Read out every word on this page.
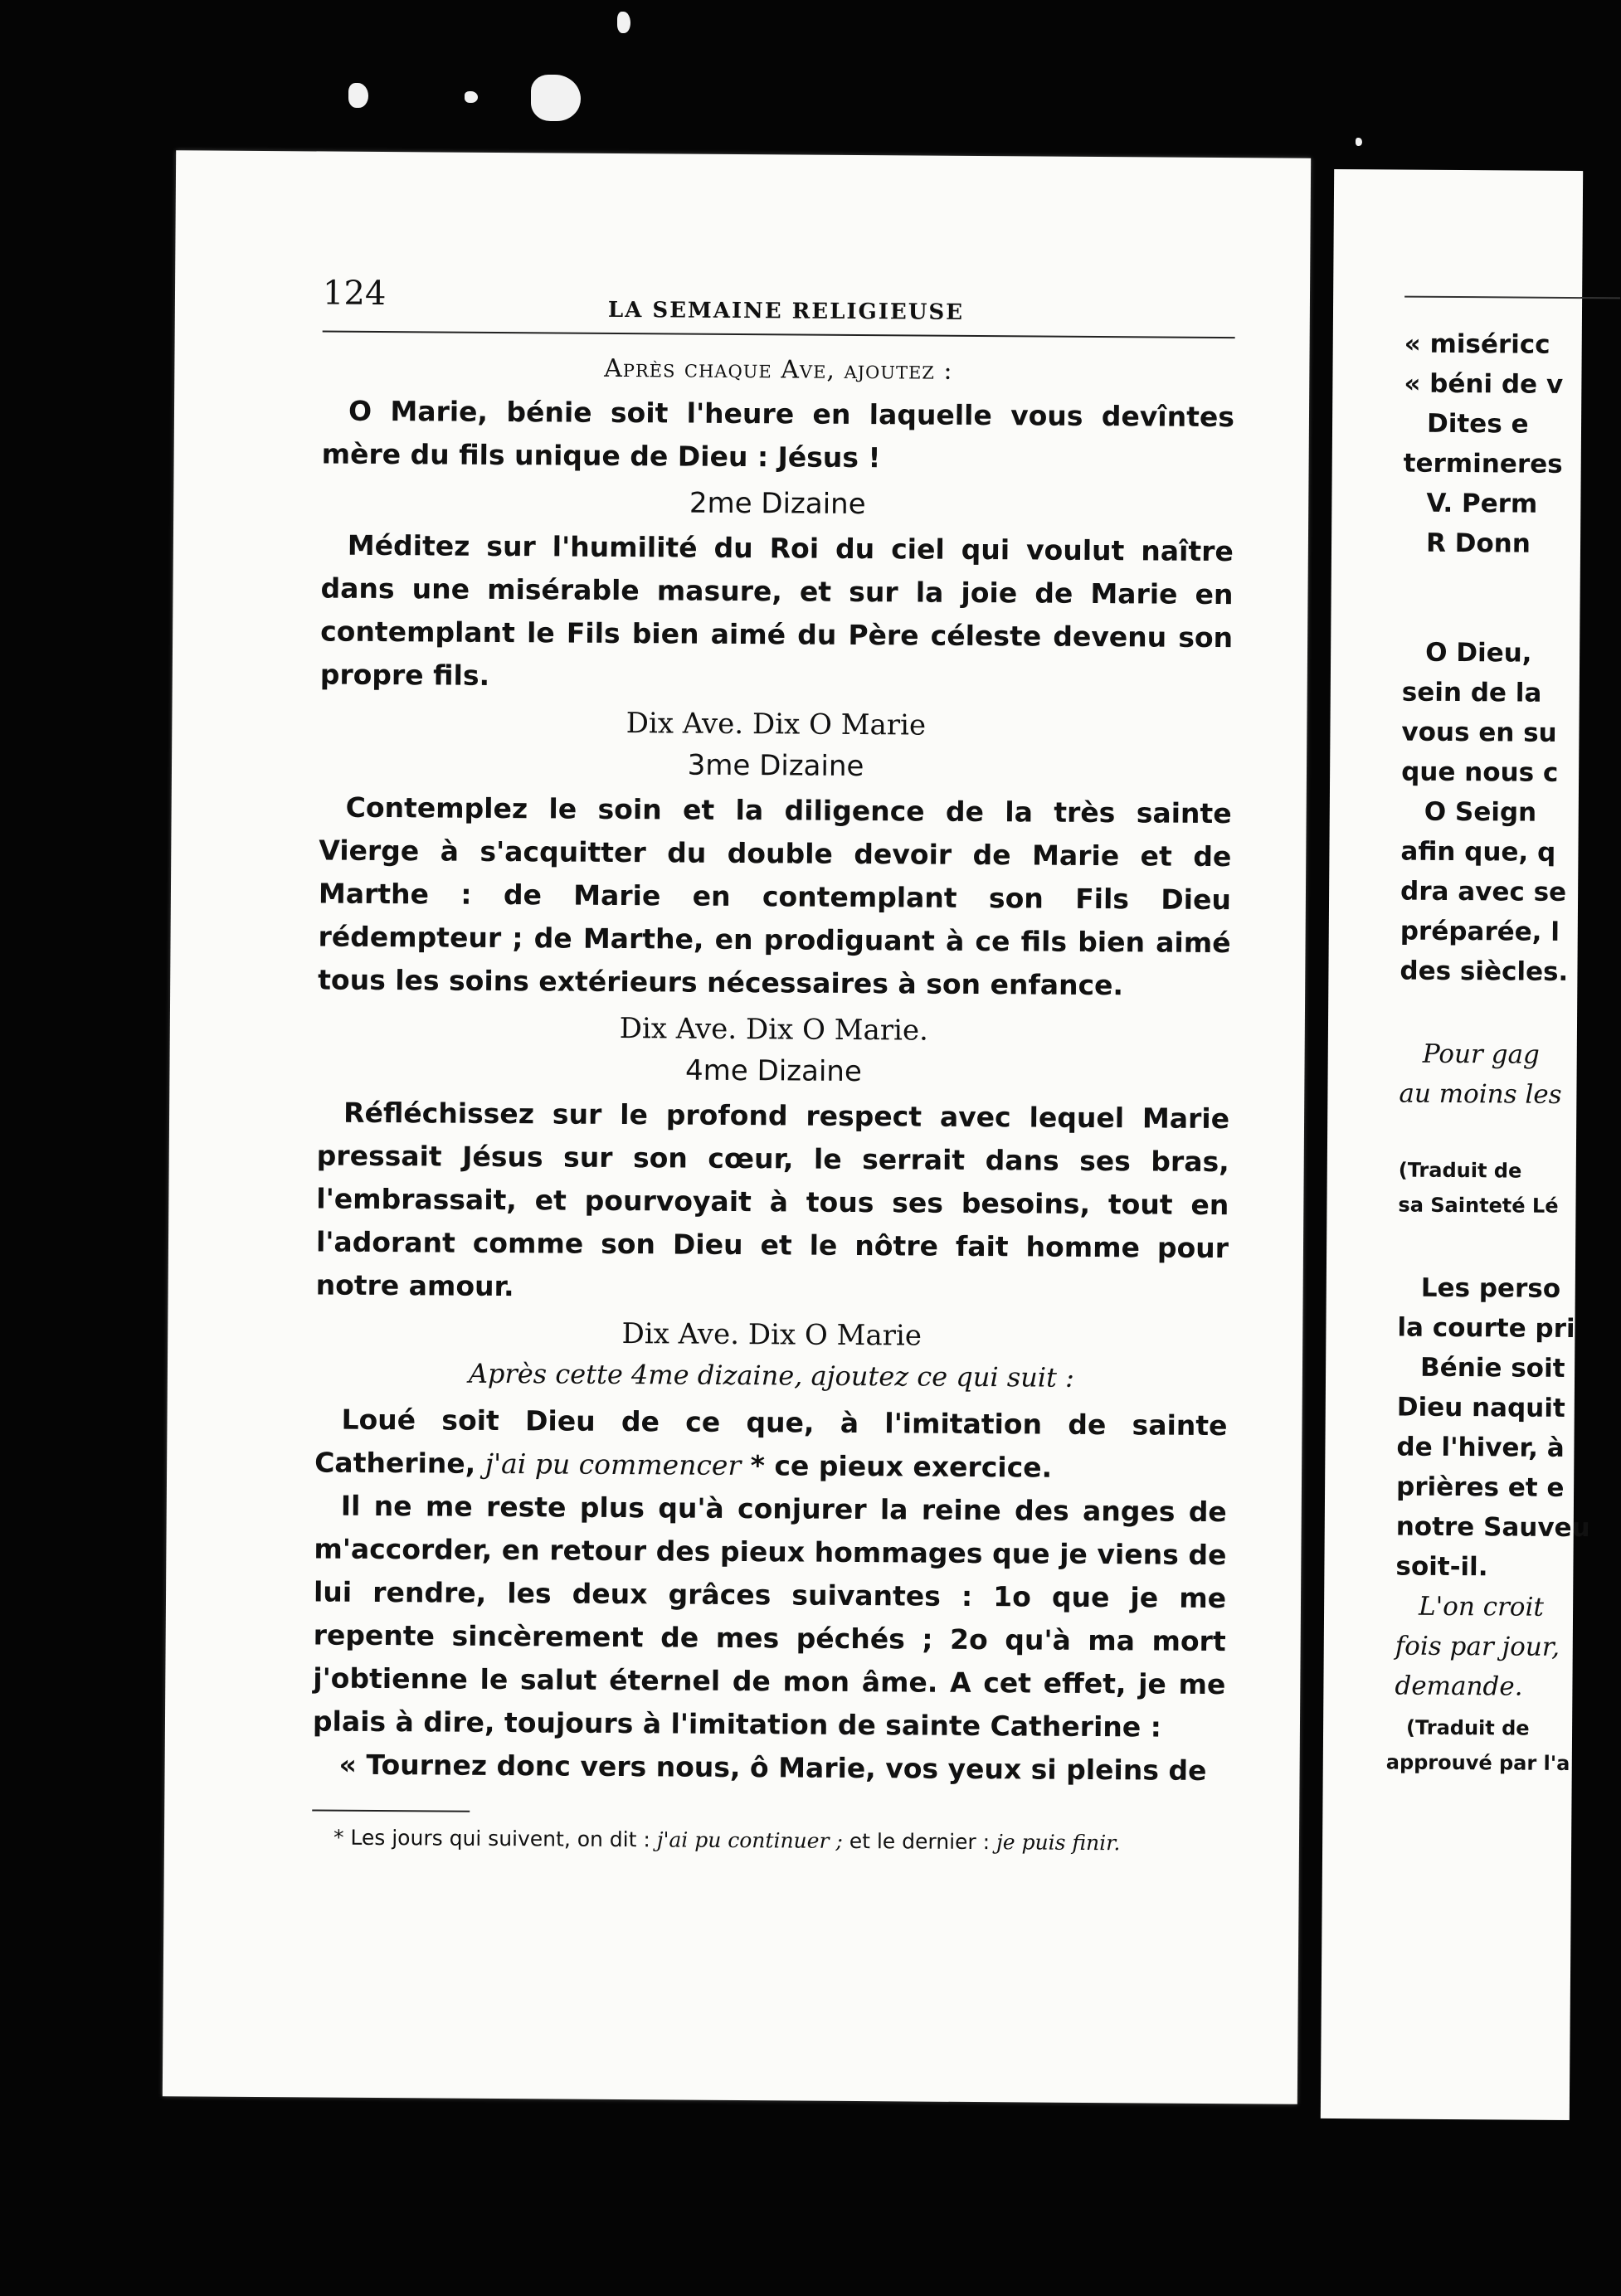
124	LA SEMAINE RELIGIEUSE

Après chaque Ave, ajoutez :

O Marie, bénie soit l'heure en laquelle vous devîntes mère du fils unique de Dieu : Jésus !

2me Dizaine

Méditez sur l'humilité du Roi du ciel qui voulut naître dans une misérable masure, et sur la joie de Marie en contemplant le Fils bien aimé du Père céleste devenu son propre fils.

Dix Ave. Dix O Marie

3me Dizaine

Contemplez le soin et la diligence de la très sainte Vierge à s'acquitter du double devoir de Marie et de Marthe : de Marie en contemplant son Fils Dieu rédempteur ; de Marthe, en prodiguant à ce fils bien aimé tous les soins extérieurs nécessaires à son enfance.

Dix Ave. Dix O Marie.

4me Dizaine

Réfléchissez sur le profond respect avec lequel Marie pressait Jésus sur son cœur, le serrait dans ses bras, l'embrassait, et pourvoyait à tous ses besoins, tout en l'adorant comme son Dieu et le nôtre fait homme pour notre amour.

Dix Ave. Dix O Marie

Après cette 4me dizaine, ajoutez ce qui suit :

Loué soit Dieu de ce que, à l'imitation de sainte Catherine, j'ai pu commencer * ce pieux exercice.

Il ne me reste plus qu'à conjurer la reine des anges de m'accorder, en retour des pieux hommages que je viens de lui rendre, les deux grâces suivantes : 1o que je me repente sincèrement de mes péchés ; 2o qu'à ma mort j'obtienne le salut éternel de mon âme. A cet effet, je me plais à dire, toujours à l'imitation de sainte Catherine :

« Tournez donc vers nous, ô Marie, vos yeux si pleins de

* Les jours qui suivent, on dit : j'ai pu continuer ; et le dernier : je puis finir.

« miséricc
« béni de v
Dites e
termineres
V. Perm
R Donn
O Dieu,
sein de la
vous en su
que nous c
O Seign
afin que, q
dra avec se
préparée, l
des siècles.
Pour gag
au moins les
(Traduit de
sa Sainteté Lé
Les perso
la courte pri
Bénie soit
Dieu naquit
de l'hiver, à
prières et e
notre Sauveu
soit-il.
L'on croit
fois par jour,
demande.
(Traduit de
approuvé par l'a
